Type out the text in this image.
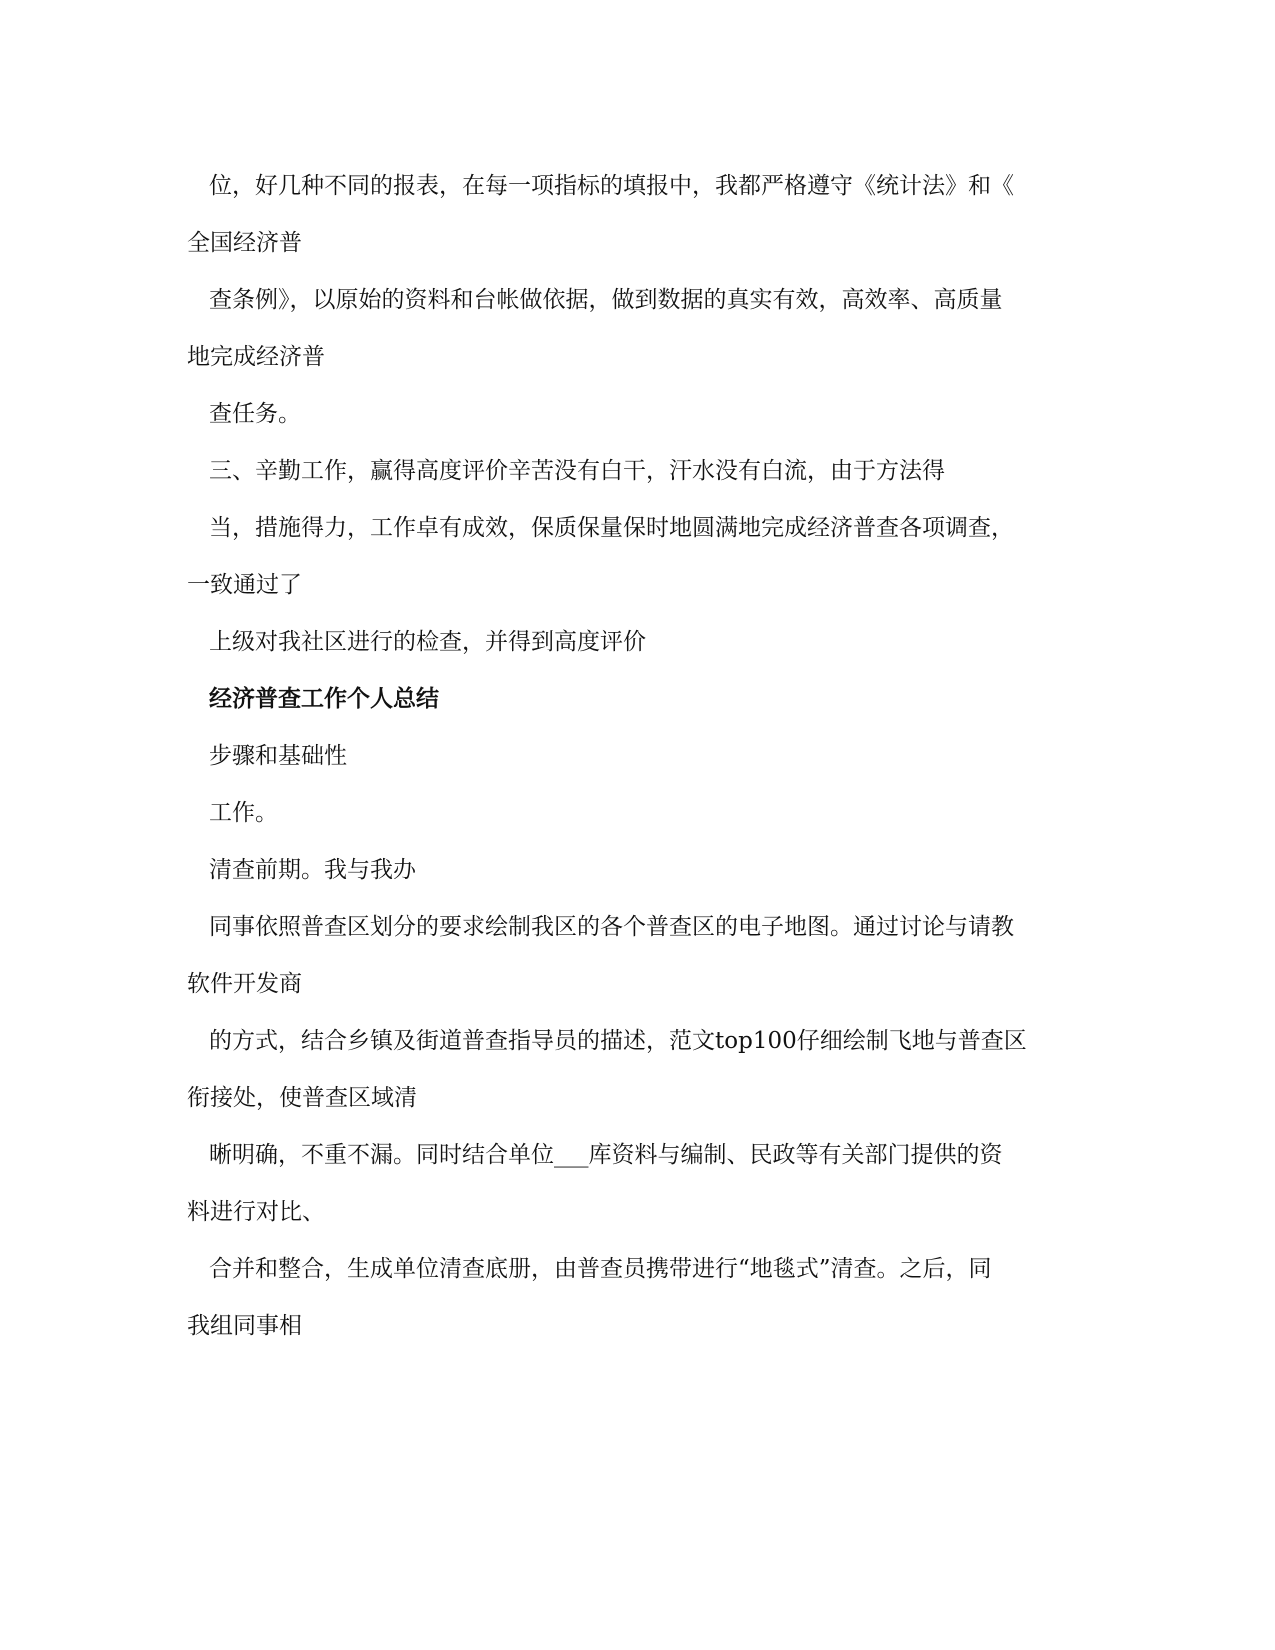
位，好几种不同的报表，在每一项指标的填报中，我都严格遵守《统计法》和《
全国经济普
查条例》，以原始的资料和台帐做依据，做到数据的真实有效，高效率、高质量
地完成经济普
查任务。
三、辛勤工作，赢得高度评价辛苦没有白干，汗水没有白流，由于方法得
当，措施得力，工作卓有成效，保质保量保时地圆满地完成经济普查各项调查，
一致通过了
上级对我社区进行的检查，并得到高度评价
经济普查工作个人总结
步骤和基础性
工作。
清查前期。我与我办
同事依照普查区划分的要求绘制我区的各个普查区的电子地图。通过讨论与请教
软件开发商
的方式，结合乡镇及街道普查指导员的描述，范文top100仔细绘制飞地与普查区
衔接处，使普查区域清
晰明确，不重不漏。同时结合单位___库资料与编制、民政等有关部门提供的资
料进行对比、
合并和整合，生成单位清查底册，由普查员携带进行“地毯式”清查。之后，同
我组同事相
